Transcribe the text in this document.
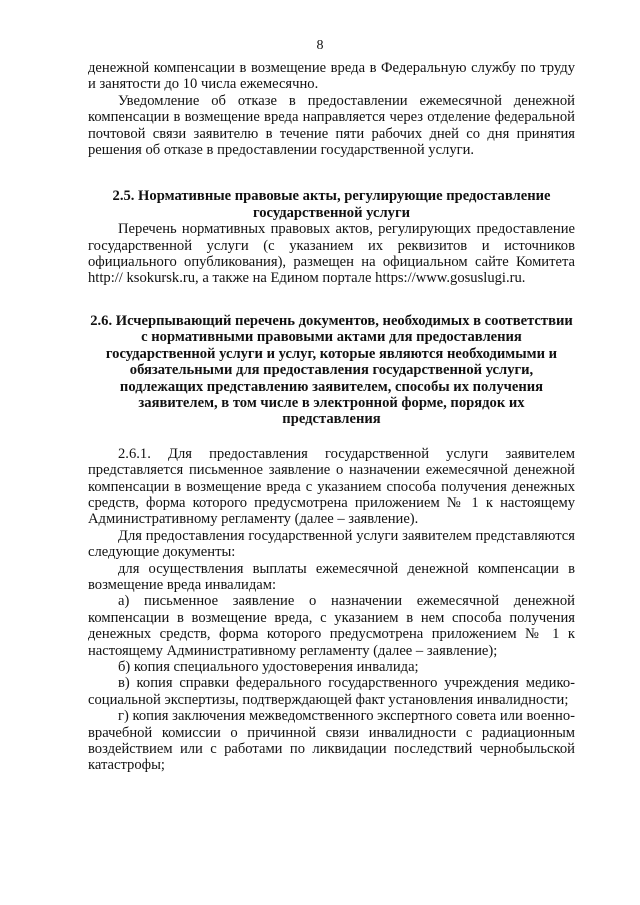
8

денежной компенсации в возмещение вреда в Федеральную службу по труду и занятости до 10 числа ежемесячно.

Уведомление об отказе в предоставлении ежемесячной денежной компенсации в возмещение вреда направляется через отделение федеральной почтовой связи заявителю в течение пяти рабочих дней со дня принятия решения об отказе в предоставлении государственной услуги.

2.5. Нормативные правовые акты, регулирующие предоставление государственной услуги

Перечень нормативных правовых актов, регулирующих предоставление государственной услуги (с указанием их реквизитов и источников официального опубликования), размещен на официальном сайте Комитета http:// ksokursk.ru, а также на Едином портале https://www.gosuslugi.ru.

2.6. Исчерпывающий перечень документов, необходимых в соответствии с нормативными правовыми актами для предоставления государственной услуги и услуг, которые являются необходимыми и обязательными для предоставления государственной услуги, подлежащих представлению заявителем, способы их получения заявителем, в том числе в электронной форме, порядок их представления

2.6.1. Для предоставления государственной услуги заявителем представляется письменное заявление о назначении ежемесячной денежной компенсации в возмещение вреда с указанием способа получения денежных средств, форма которого предусмотрена приложением № 1 к настоящему Административному регламенту (далее – заявление).

Для предоставления государственной услуги заявителем представляются следующие документы:

для осуществления выплаты ежемесячной денежной компенсации в возмещение вреда инвалидам:

а) письменное заявление о назначении ежемесячной денежной компенсации в возмещение вреда, с указанием в нем способа получения денежных средств, форма которого предусмотрена приложением № 1 к настоящему Административному регламенту (далее – заявление);

б) копия специального удостоверения инвалида;

в) копия справки федерального государственного учреждения медико-социальной экспертизы, подтверждающей факт установления инвалидности;

г) копия заключения межведомственного экспертного совета или военно-врачебной комиссии о причинной связи инвалидности с радиационным воздействием или с работами по ликвидации последствий чернобыльской катастрофы;
